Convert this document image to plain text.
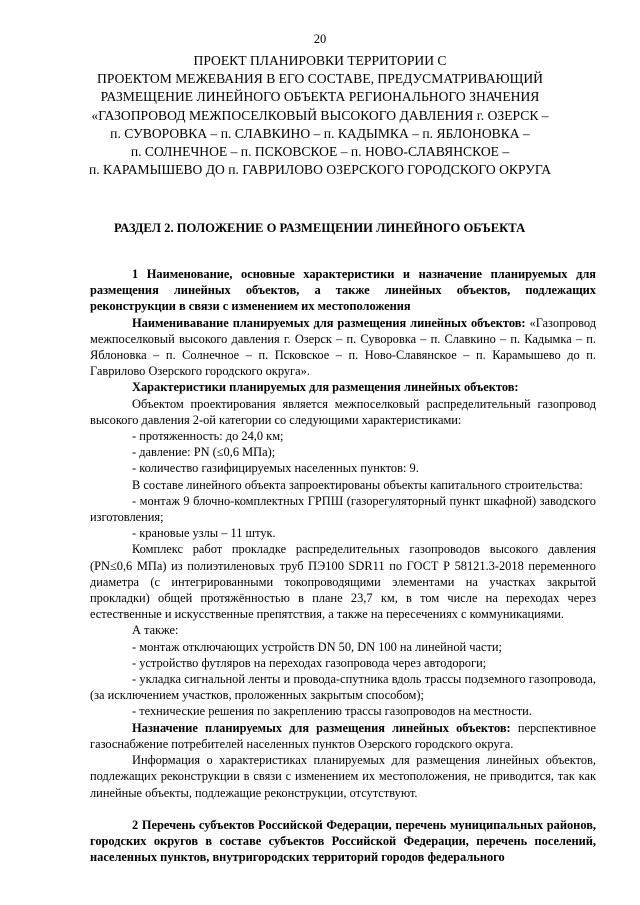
20
ПРОЕКТ ПЛАНИРОВКИ ТЕРРИТОРИИ С
ПРОЕКТОМ МЕЖЕВАНИЯ В ЕГО СОСТАВЕ, ПРЕДУСМАТРИВАЮЩИЙ
РАЗМЕЩЕНИЕ ЛИНЕЙНОГО ОБЪЕКТА РЕГИОНАЛЬНОГО ЗНАЧЕНИЯ
«ГАЗОПРОВОД МЕЖПОСЕЛКОВЫЙ ВЫСОКОГО ДАВЛЕНИЯ г. ОЗЕРСК –
п. СУВОРОВКА – п. СЛАВКИНО – п. КАДЫМКА – п. ЯБЛОНОВКА –
п. СОЛНЕЧНОЕ – п. ПСКОВСКОЕ – п. НОВО-СЛАВЯНСКОЕ –
п. КАРАМЫШЕВО ДО п. ГАВРИЛОВО ОЗЕРСКОГО ГОРОДСКОГО ОКРУГА
РАЗДЕЛ 2. ПОЛОЖЕНИЕ О РАЗМЕЩЕНИИ ЛИНЕЙНОГО ОБЪЕКТА

1 Наименование, основные характеристики и назначение планируемых для размещения линейных объектов, а также линейных объектов, подлежащих реконструкции в связи с изменением их местоположения

Наименивавание планируемых для размещения линейных объектов: «Газопровод межпоселковый высокого давления г. Озерск – п. Суворовка – п. Славкино – п. Кадымка – п. Яблоновка – п. Солнечное – п. Псковское – п. Ново-Славянское – п. Карамышево до п. Гаврилово Озерского городского округа».

Характеристики планируемых для размещения линейных объектов:

Объектом проектирования является межпоселковый распределительный газопровод высокого давления 2-ой категории со следующими характеристиками:

- протяженность: до 24,0 км;

- давление: PN (≤0,6 МПа);

- количество газифицируемых населенных пунктов: 9.

В составе линейного объекта запроектированы объекты капитального строительства:

- монтаж 9 блочно-комплектных ГРПШ (газорегуляторный пункт шкафной) заводского изготовления;

- крановые узлы – 11 штук.

Комплекс работ прокладке распределительных газопроводов высокого давления (PN≤0,6 МПа) из полиэтиленовых труб ПЭ100 SDR11 по ГОСТ Р 58121.3-2018 переменного диаметра (с интегрированными токопроводящими элементами на участках закрытой прокладки) общей протяжённостью в плане 23,7 км, в том числе на переходах через естественные и искусственные препятствия, а также на пересечениях с коммуникациями.

А также:

- монтаж отключающих устройств DN 50, DN 100 на линейной части;

- устройство футляров на переходах газопровода через автодороги;

- укладка сигнальной ленты и провода-спутника вдоль трассы подземного газопровода, (за исключением участков, проложенных закрытым способом);

- технические решения по закреплению трассы газопроводов на местности.

Назначение планируемых для размещения линейных объектов: перспективное газоснабжение потребителей населенных пунктов Озерского городского округа.

Информация о характеристиках планируемых для размещения линейных объектов, подлежащих реконструкции в связи с изменением их местоположения, не приводится, так как линейные объекты, подлежащие реконструкции, отсутствуют.

2 Перечень субъектов Российской Федерации, перечень муниципальных районов, городских округов в составе субъектов Российской Федерации, перечень поселений, населенных пунктов, внутригородских территорий городов федерального
